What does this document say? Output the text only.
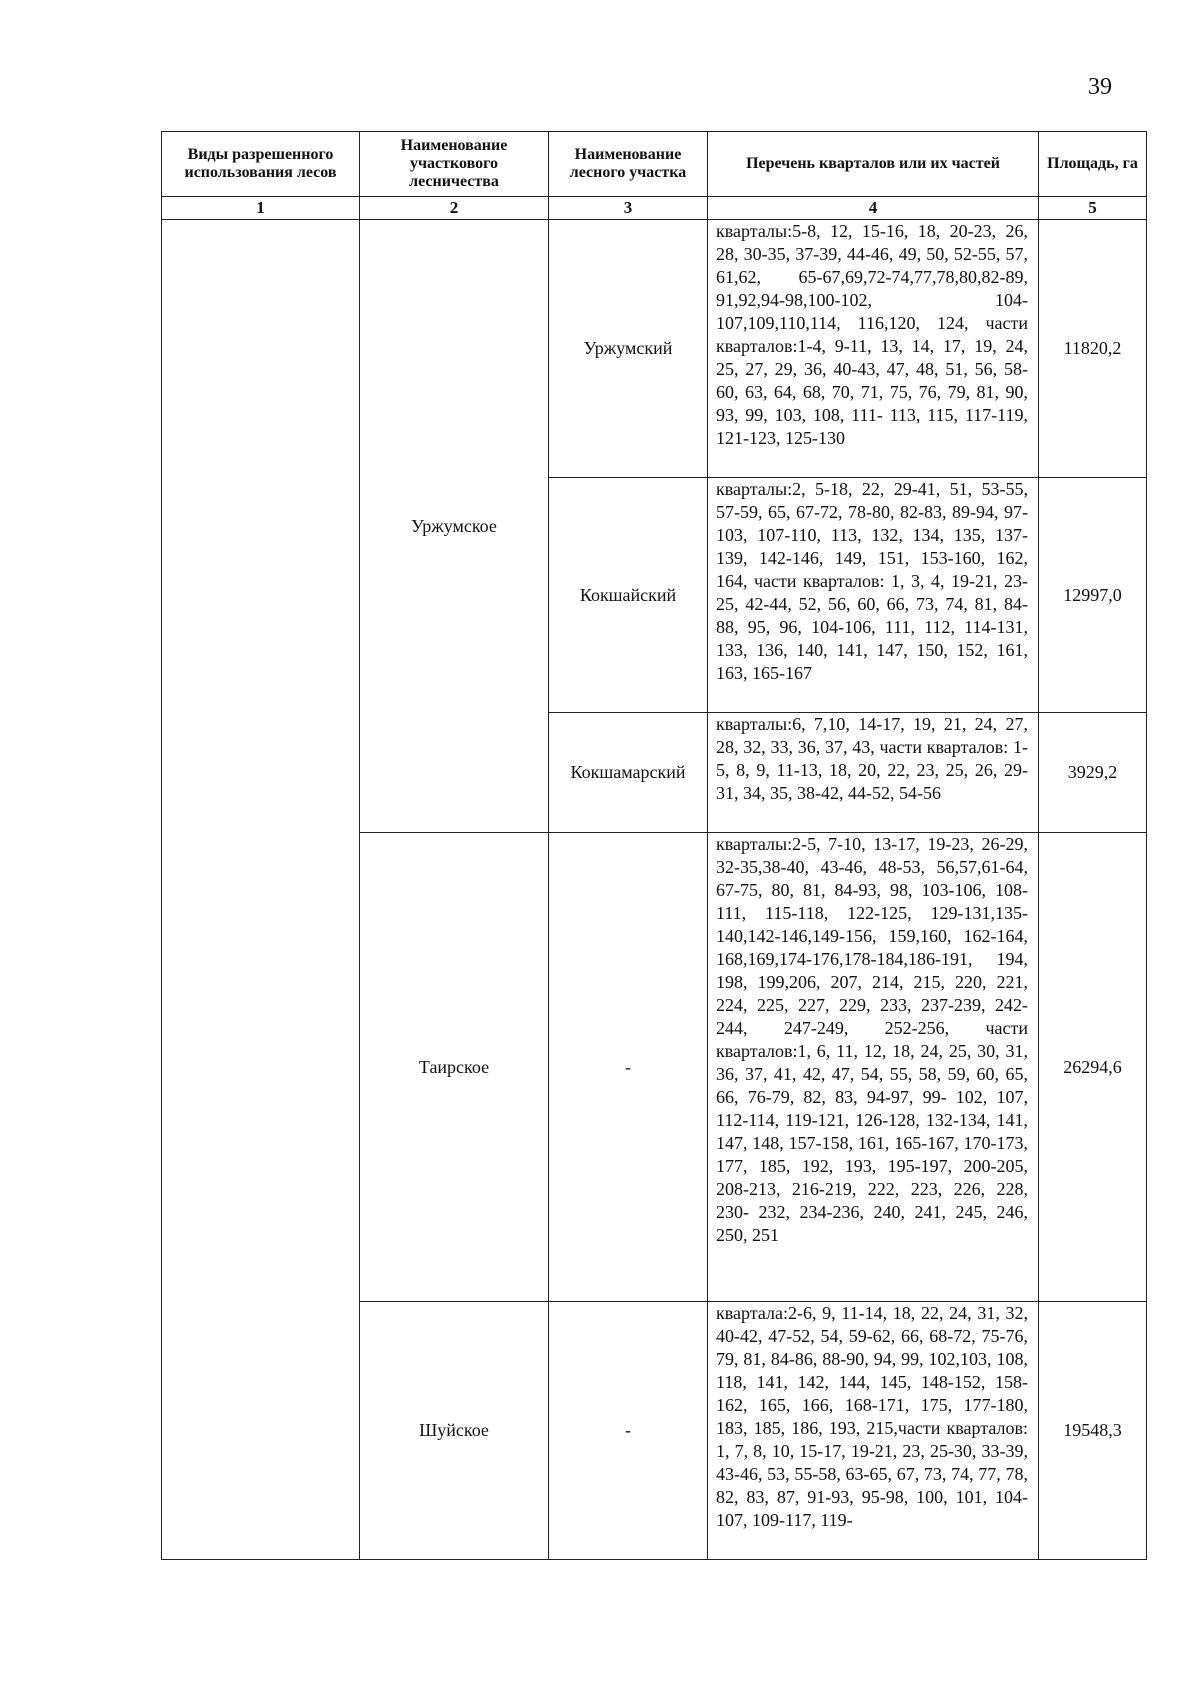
39
Виды разрешенного использования лесов	Наименование участкового лесничества	Наименование лесного участка	Перечень кварталов или их частей	Площадь, га
1	2	3	4	5
	Уржумское	Уржумский	кварталы:5-8, 12, 15-16, 18, 20-23, 26, 28, 30-35, 37-39, 44-46, 49, 50, 52-55, 57, 61,62, 65-67,69,72-74,77,78,80,82-89, 91,92,94-98,100-102, 104-107,109,110,114, 116,120, 124, части кварталов:1-4, 9-11, 13, 14, 17, 19, 24, 25, 27, 29, 36, 40-43, 47, 48, 51, 56, 58- 60, 63, 64, 68, 70, 71, 75, 76, 79, 81, 90, 93, 99, 103, 108, 111- 113, 115, 117-119, 121-123, 125-130	11820,2
		Кокшайский	кварталы:2, 5-18, 22, 29-41, 51, 53-55, 57-59, 65, 67-72, 78-80, 82-83, 89-94, 97-103, 107-110, 113, 132, 134, 135, 137-139, 142-146, 149, 151, 153-160, 162, 164, части кварталов: 1, 3, 4, 19-21, 23-25, 42-44, 52, 56, 60, 66, 73, 74, 81, 84- 88, 95, 96, 104-106, 111, 112, 114-131, 133, 136, 140, 141, 147, 150, 152, 161, 163, 165-167	12997,0
		Кокшамарский	кварталы:6, 7,10, 14-17, 19, 21, 24, 27, 28, 32, 33, 36, 37, 43, части кварталов: 1-5, 8, 9, 11-13, 18, 20, 22, 23, 25, 26, 29-31, 34, 35, 38-42, 44-52, 54-56	3929,2
	Таирское	-	кварталы:2-5, 7-10, 13-17, 19-23, 26-29, 32-35,38-40, 43-46, 48-53, 56,57,61-64, 67-75, 80, 81, 84-93, 98, 103-106, 108-111, 115-118, 122-125, 129-131,135-140,142-146,149-156, 159,160, 162-164, 168,169,174-176,178-184,186-191, 194, 198, 199,206, 207, 214, 215, 220, 221, 224, 225, 227, 229, 233, 237-239, 242-244, 247-249, 252-256, части кварталов:1, 6, 11, 12, 18, 24, 25, 30, 31, 36, 37, 41, 42, 47, 54, 55, 58, 59, 60, 65, 66, 76-79, 82, 83, 94-97, 99- 102, 107, 112-114, 119-121, 126-128, 132-134, 141, 147, 148, 157-158, 161, 165-167, 170-173, 177, 185, 192, 193, 195-197, 200-205, 208-213, 216-219, 222, 223, 226, 228, 230- 232, 234-236, 240, 241, 245, 246, 250, 251	26294,6
	Шуйское	-	квартала:2-6, 9, 11-14, 18, 22, 24, 31, 32, 40-42, 47-52, 54, 59-62, 66, 68-72, 75-76, 79, 81, 84-86, 88-90, 94, 99, 102,103, 108, 118, 141, 142, 144, 145, 148-152, 158-162, 165, 166, 168-171, 175, 177-180, 183, 185, 186, 193, 215,части кварталов: 1, 7, 8, 10, 15-17, 19-21, 23, 25-30, 33-39, 43-46, 53, 55-58, 63-65, 67, 73, 74, 77, 78, 82, 83, 87, 91-93, 95-98, 100, 101, 104-107, 109-117, 119-	19548,3
